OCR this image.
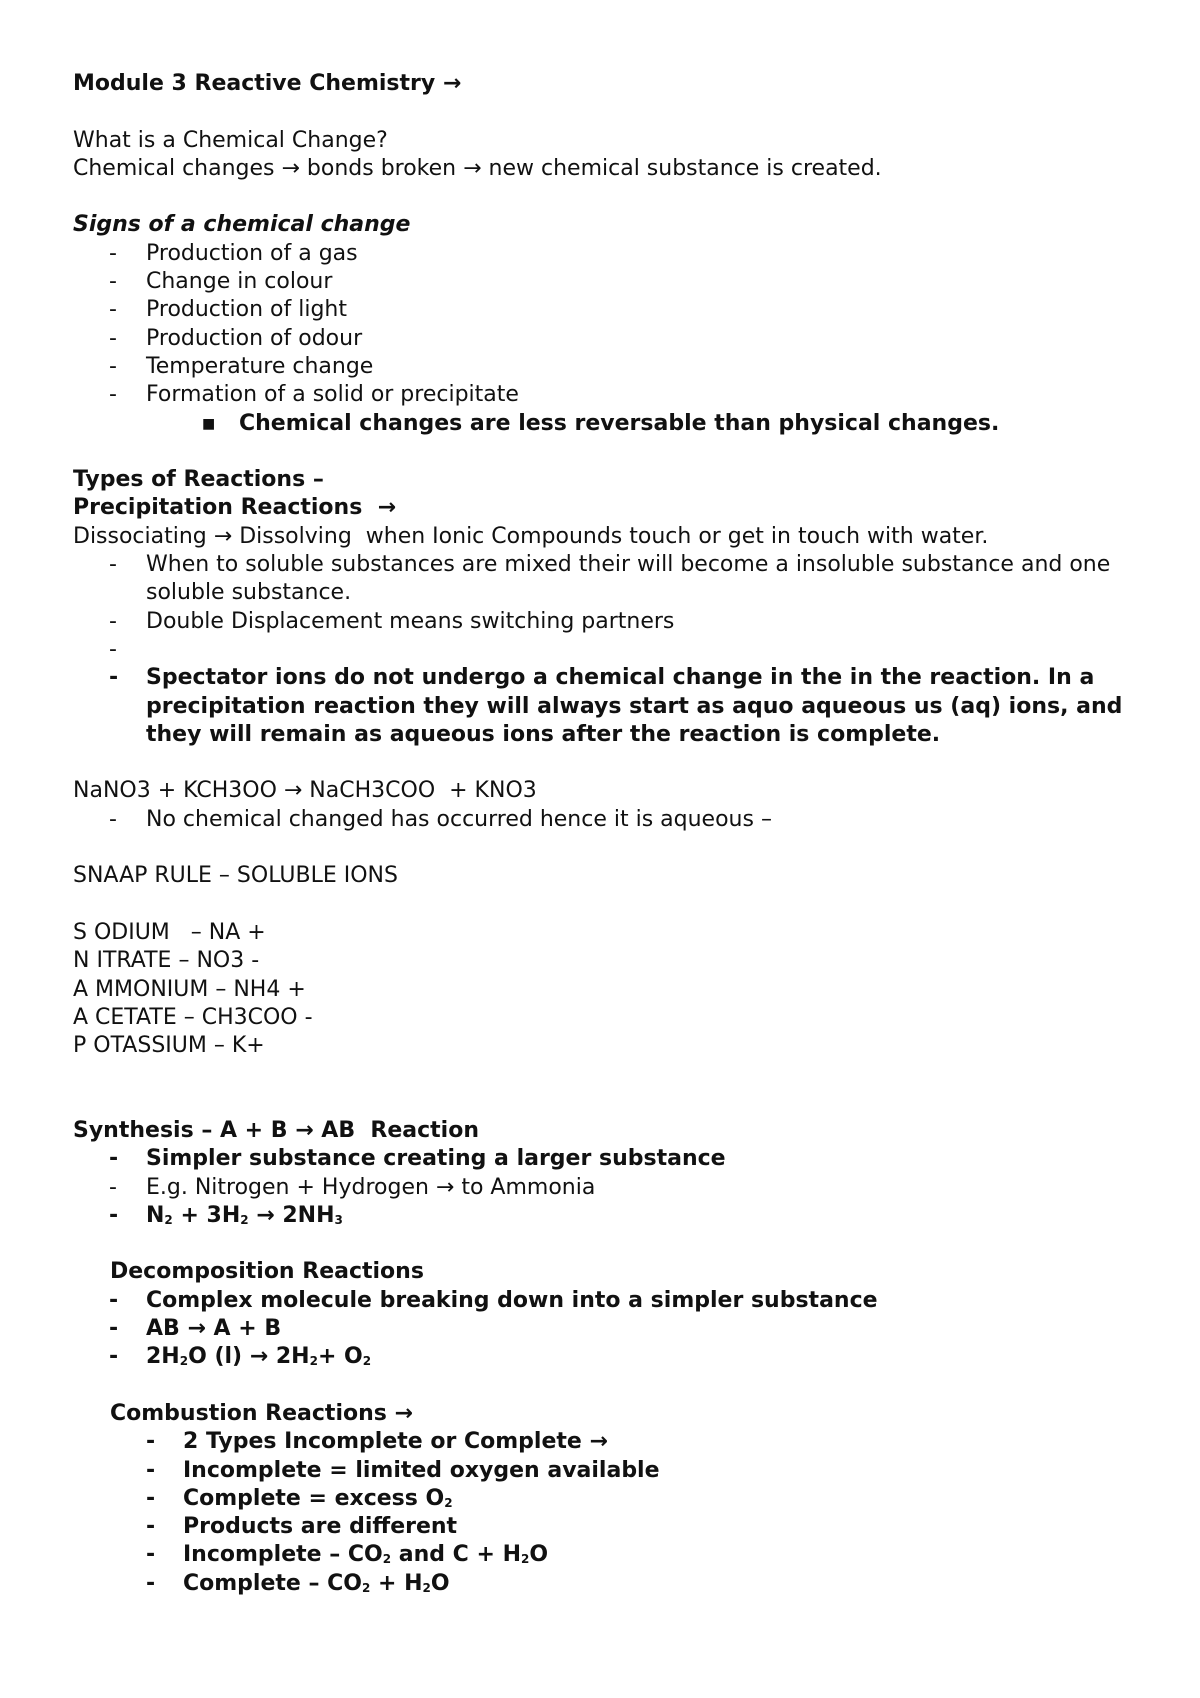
Module 3 Reactive Chemistry →
What is a Chemical Change?
Chemical changes → bonds broken → new chemical substance is created.
Signs of a chemical change
-	Production of a gas
-	Change in colour
-	Production of light
-	Production of odour
-	Temperature change
-	Formation of a solid or precipitate
■	Chemical changes are less reversable than physical changes.
Types of Reactions –
Precipitation Reactions  →
Dissociating → Dissolving  when Ionic Compounds touch or get in touch with water.
-	When to soluble substances are mixed their will become a insoluble substance and one soluble substance.
-	Double Displacement means switching partners
-
-	Spectator ions do not undergo a chemical change in the in the reaction. In a precipitation reaction they will always start as aquo aqueous us (aq) ions, and they will remain as aqueous ions after the reaction is complete.
NaNO3 + KCH3OO → NaCH3COO  + KNO3
-	No chemical changed has occurred hence it is aqueous –
SNAAP RULE – SOLUBLE IONS
S ODIUM   – NA +
N ITRATE – NO3 -
A MMONIUM – NH4 +
A CETATE – CH3COO -
P OTASSIUM – K+
Synthesis – A + B → AB  Reaction
-	Simpler substance creating a larger substance
-	E.g. Nitrogen + Hydrogen → to Ammonia
-	$N_2 + 3H_2 \to 2NH_3$
Decomposition Reactions
-	Complex molecule breaking down into a simpler substance
-	AB → A + B
-	$2H_2O$ $(l) \to 2H_2+ O_2$
Combustion Reactions →
-	2 Types Incomplete or Complete →
-	Incomplete = limited oxygen available
-	Complete = excess $O_2$
-	Products are different
-	Incomplete – $CO_2$ and $C + H_2O$
-	Complete – $CO_2 + H_2O$
